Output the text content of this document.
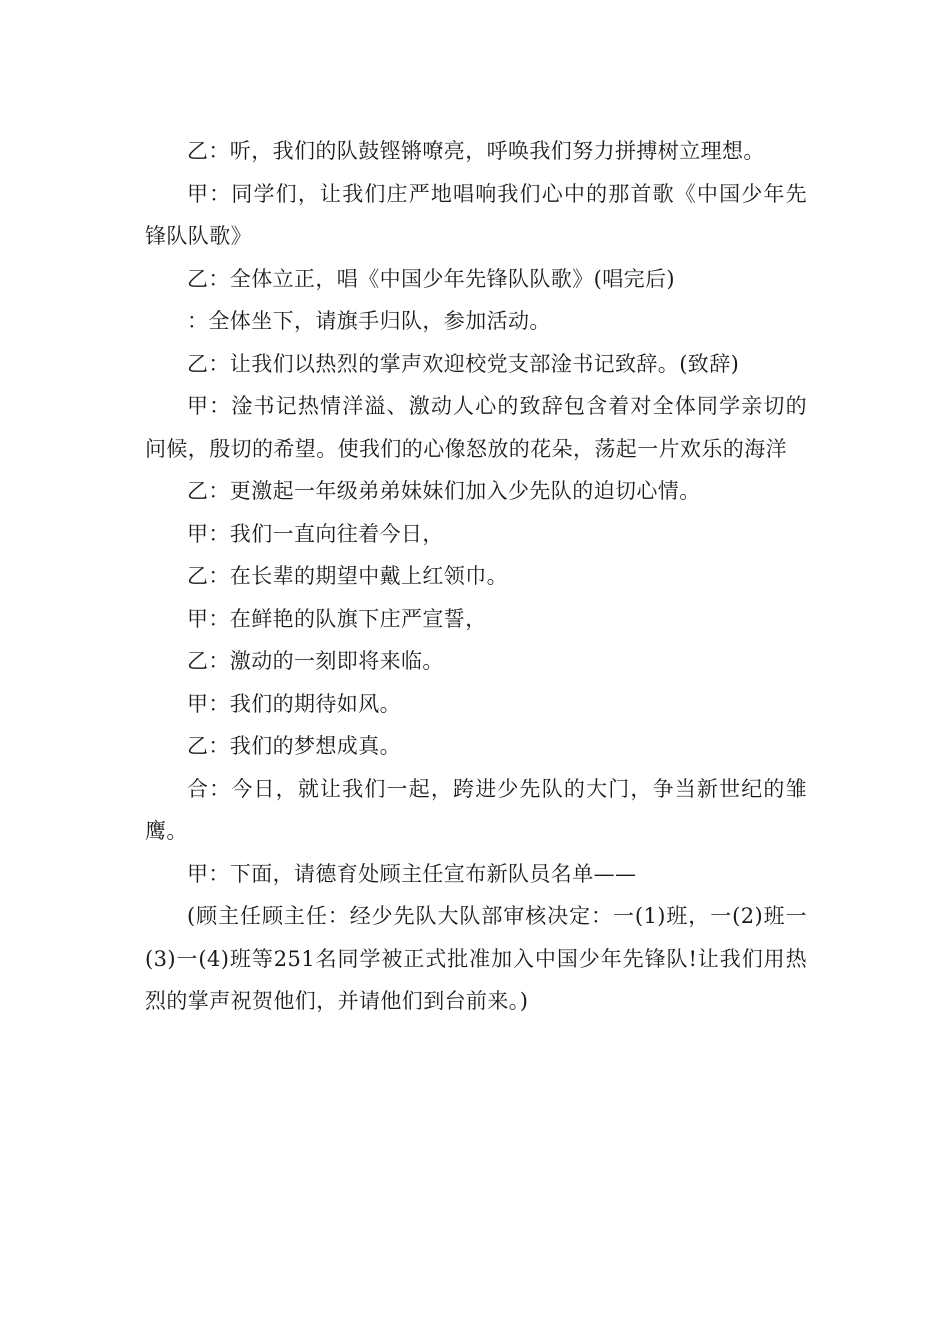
乙：听，我们的队鼓铿锵嘹亮，呼唤我们努力拼搏树立理想。

甲：同学们，让我们庄严地唱响我们心中的那首歌《中国少年先锋队队歌》

乙：全体立正，唱《中国少年先锋队队歌》(唱完后)

：全体坐下，请旗手归队，参加活动。

乙：让我们以热烈的掌声欢迎校党支部淦书记致辞。(致辞)

甲：淦书记热情洋溢、激动人心的致辞包含着对全体同学亲切的问候，殷切的希望。使我们的心像怒放的花朵，荡起一片欢乐的海洋

乙：更激起一年级弟弟妹妹们加入少先队的迫切心情。

甲：我们一直向往着今日，

乙：在长辈的期望中戴上红领巾。

甲：在鲜艳的队旗下庄严宣誓，

乙：激动的一刻即将来临。

甲：我们的期待如风。

乙：我们的梦想成真。

合：今日，就让我们一起，跨进少先队的大门，争当新世纪的雏鹰。

甲：下面，请德育处顾主任宣布新队员名单——

(顾主任顾主任：经少先队大队部审核决定：一(1)班，一(2)班一(3)一(4)班等251名同学被正式批准加入中国少年先锋队!让我们用热烈的掌声祝贺他们，并请他们到台前来。)
